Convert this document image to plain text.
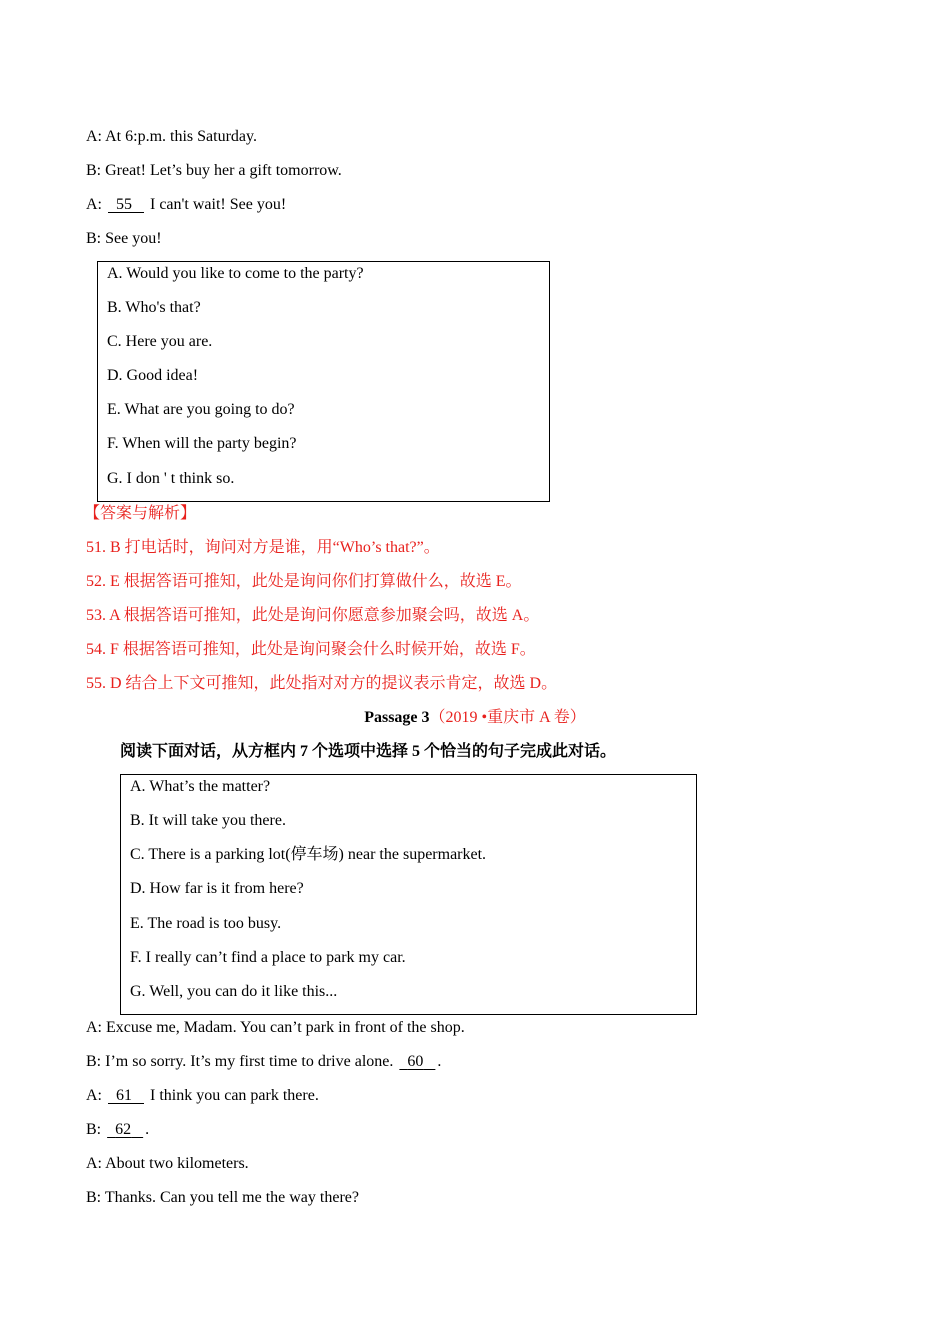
A: At 6:p.m. this Saturday.
B: Great! Let’s buy her a gift tomorrow.
A: 55    I can't wait! See you!
B: See you!
A. Would you like to come to the party?
B. Who's that?
C. Here you are.
D. Good idea!
E. What are you going to do?
F. When will the party begin?
G. I don ' t think so.
【答案与解析】
51. B 打电话时，询问对方是谁，用“Who’s that?”。
52. E 根据答语可推知，此处是询问你们打算做什么，故选 E。
53. A 根据答语可推知，此处是询问你愿意参加聚会吗，故选 A。
54. F 根据答语可推知，此处是询问聚会什么时候开始，故选 F。
55. D 结合上下文可推知，此处指对对方的提议表示肯定，故选 D。
Passage 3（2019 •重庆市 A 卷）
阅读下面对话，从方框内 7 个选项中选择 5 个恰当的句子完成此对话。
A. What’s the matter?
B. It will take you there.
C. There is a parking lot(停车场) near the supermarket.
D. How far is it from here?
E. The road is too busy.
F. I really can’t find a place to park my car.
G. Well, you can do it like this...
A: Excuse me, Madam. You can’t park in front of the shop.
B: I’m so sorry. It’s my first time to drive alone. 60 .
A: 61    I think you can park there.
B: 62 .
A: About two kilometers.
B: Thanks. Can you tell me the way there?
